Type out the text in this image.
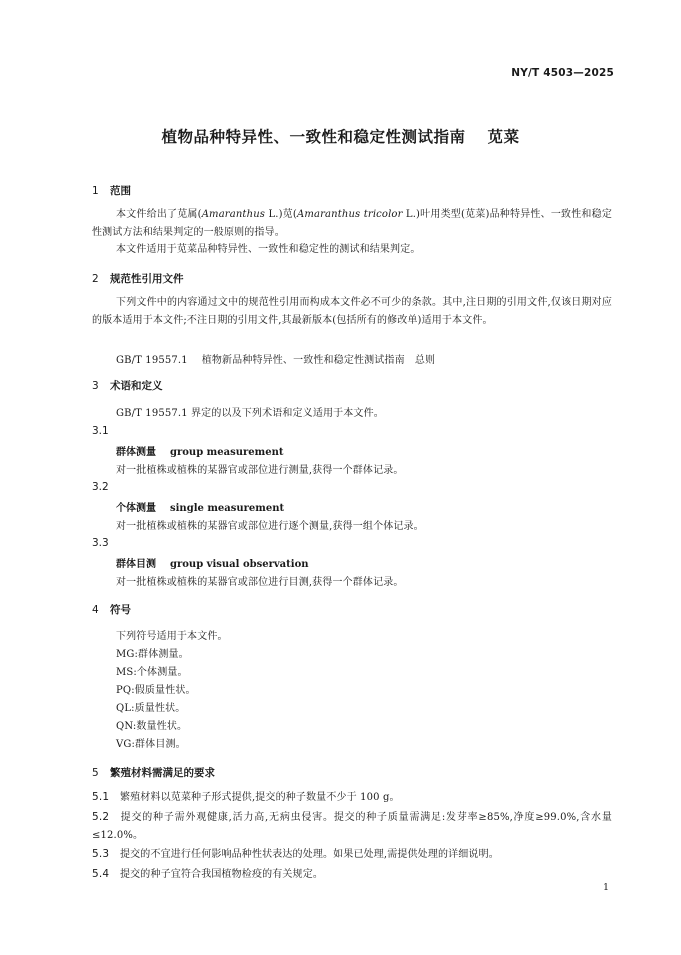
NY/T 4503—2025
植物品种特异性、一致性和稳定性测试指南 苋菜
1 范围
本文件给出了苋属(Amaranthus L.)苋(Amaranthus tricolor L.)叶用类型(苋菜)品种特异性、一致性和稳定性测试方法和结果判定的一般原则的指导。
本文件适用于苋菜品种特异性、一致性和稳定性的测试和结果判定。
2 规范性引用文件
下列文件中的内容通过文中的规范性引用而构成本文件必不可少的条款。其中,注日期的引用文件,仅该日期对应的版本适用于本文件;不注日期的引用文件,其最新版本(包括所有的修改单)适用于本文件。
GB/T 19557.1 植物新品种特异性、一致性和稳定性测试指南　总则
3 术语和定义
GB/T 19557.1 界定的以及下列术语和定义适用于本文件。
3.1
群体测量 group measurement
对一批植株或植株的某器官或部位进行测量,获得一个群体记录。
3.2
个体测量 single measurement
对一批植株或植株的某器官或部位进行逐个测量,获得一组个体记录。
3.3
群体目测 group visual observation
对一批植株或植株的某器官或部位进行目测,获得一个群体记录。
4 符号
下列符号适用于本文件。
MG:群体测量。
MS:个体测量。
PQ:假质量性状。
QL:质量性状。
QN:数量性状。
VG:群体目测。
5 繁殖材料需满足的要求
5.1 繁殖材料以苋菜种子形式提供,提交的种子数量不少于 100 g。
5.2 提交的种子需外观健康,活力高,无病虫侵害。提交的种子质量需满足:发芽率≥85%,净度≥99.0%,含水量≤12.0%。
5.3 提交的不宜进行任何影响品种性状表达的处理。如果已处理,需提供处理的详细说明。
5.4 提交的种子宜符合我国植物检疫的有关规定。
1
